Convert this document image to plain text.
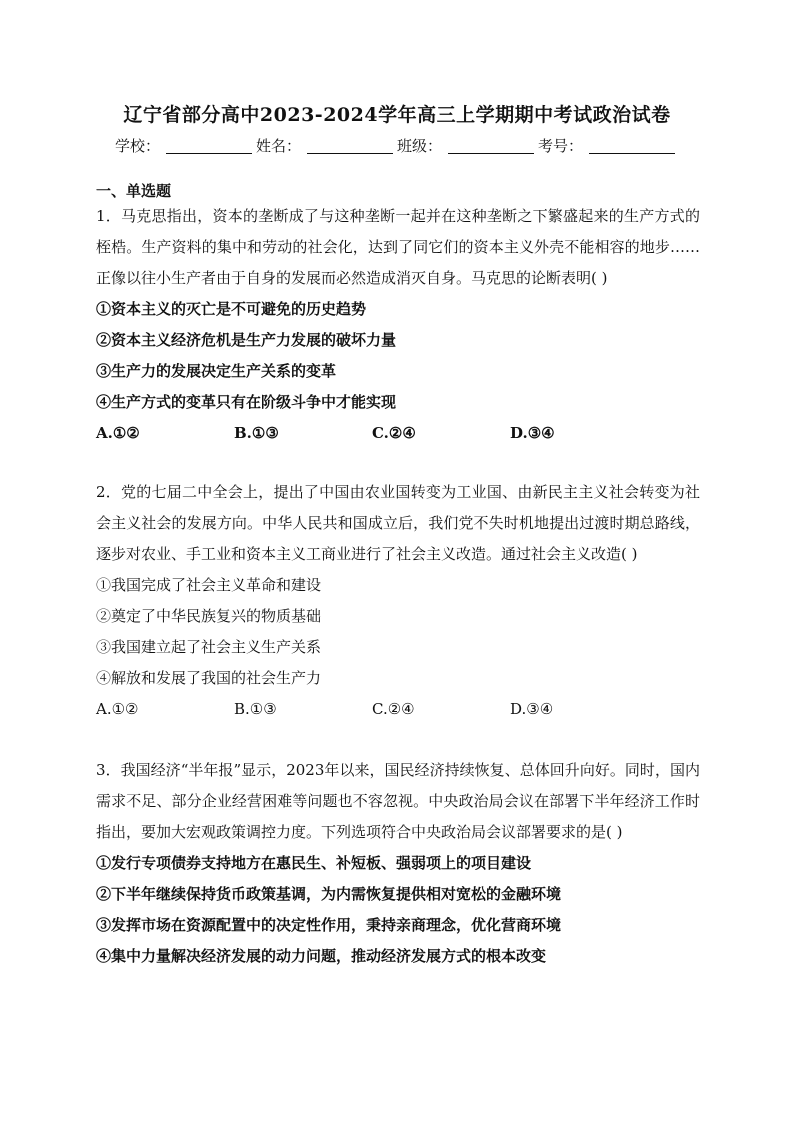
辽宁省部分高中2023-2024学年高三上学期期中考试政治试卷
学校：	姓名：	班级：	考号：
一、单选题

1．马克思指出，资本的垄断成了与这种垄断一起并在这种垄断之下繁盛起来的生产方式的桎梏。生产资料的集中和劳动的社会化，达到了同它们的资本主义外壳不能相容的地步……正像以往小生产者由于自身的发展而必然造成消灭自身。马克思的论断表明( )

①资本主义的灭亡是不可避免的历史趋势

②资本主义经济危机是生产力发展的破坏力量

③生产力的发展决定生产关系的变革

④生产方式的变革只有在阶级斗争中才能实现

A.①②	B.①③	C.②④	D.③④

2．党的七届二中全会上，提出了中国由农业国转变为工业国、由新民主主义社会转变为社会主义社会的发展方向。中华人民共和国成立后，我们党不失时机地提出过渡时期总路线，逐步对农业、手工业和资本主义工商业进行了社会主义改造。通过社会主义改造( )

①我国完成了社会主义革命和建设

②奠定了中华民族复兴的物质基础

③我国建立起了社会主义生产关系

④解放和发展了我国的社会生产力

A.①②	B.①③	C.②④	D.③④

3．我国经济“半年报”显示，2023年以来，国民经济持续恢复、总体回升向好。同时，国内需求不足、部分企业经营困难等问题也不容忽视。中央政治局会议在部署下半年经济工作时指出，要加大宏观政策调控力度。下列选项符合中央政治局会议部署要求的是( )

①发行专项债券支持地方在惠民生、补短板、强弱项上的项目建设

②下半年继续保持货币政策基调，为内需恢复提供相对宽松的金融环境

③发挥市场在资源配置中的决定性作用，秉持亲商理念，优化营商环境

④集中力量解决经济发展的动力问题，推动经济发展方式的根本改变
